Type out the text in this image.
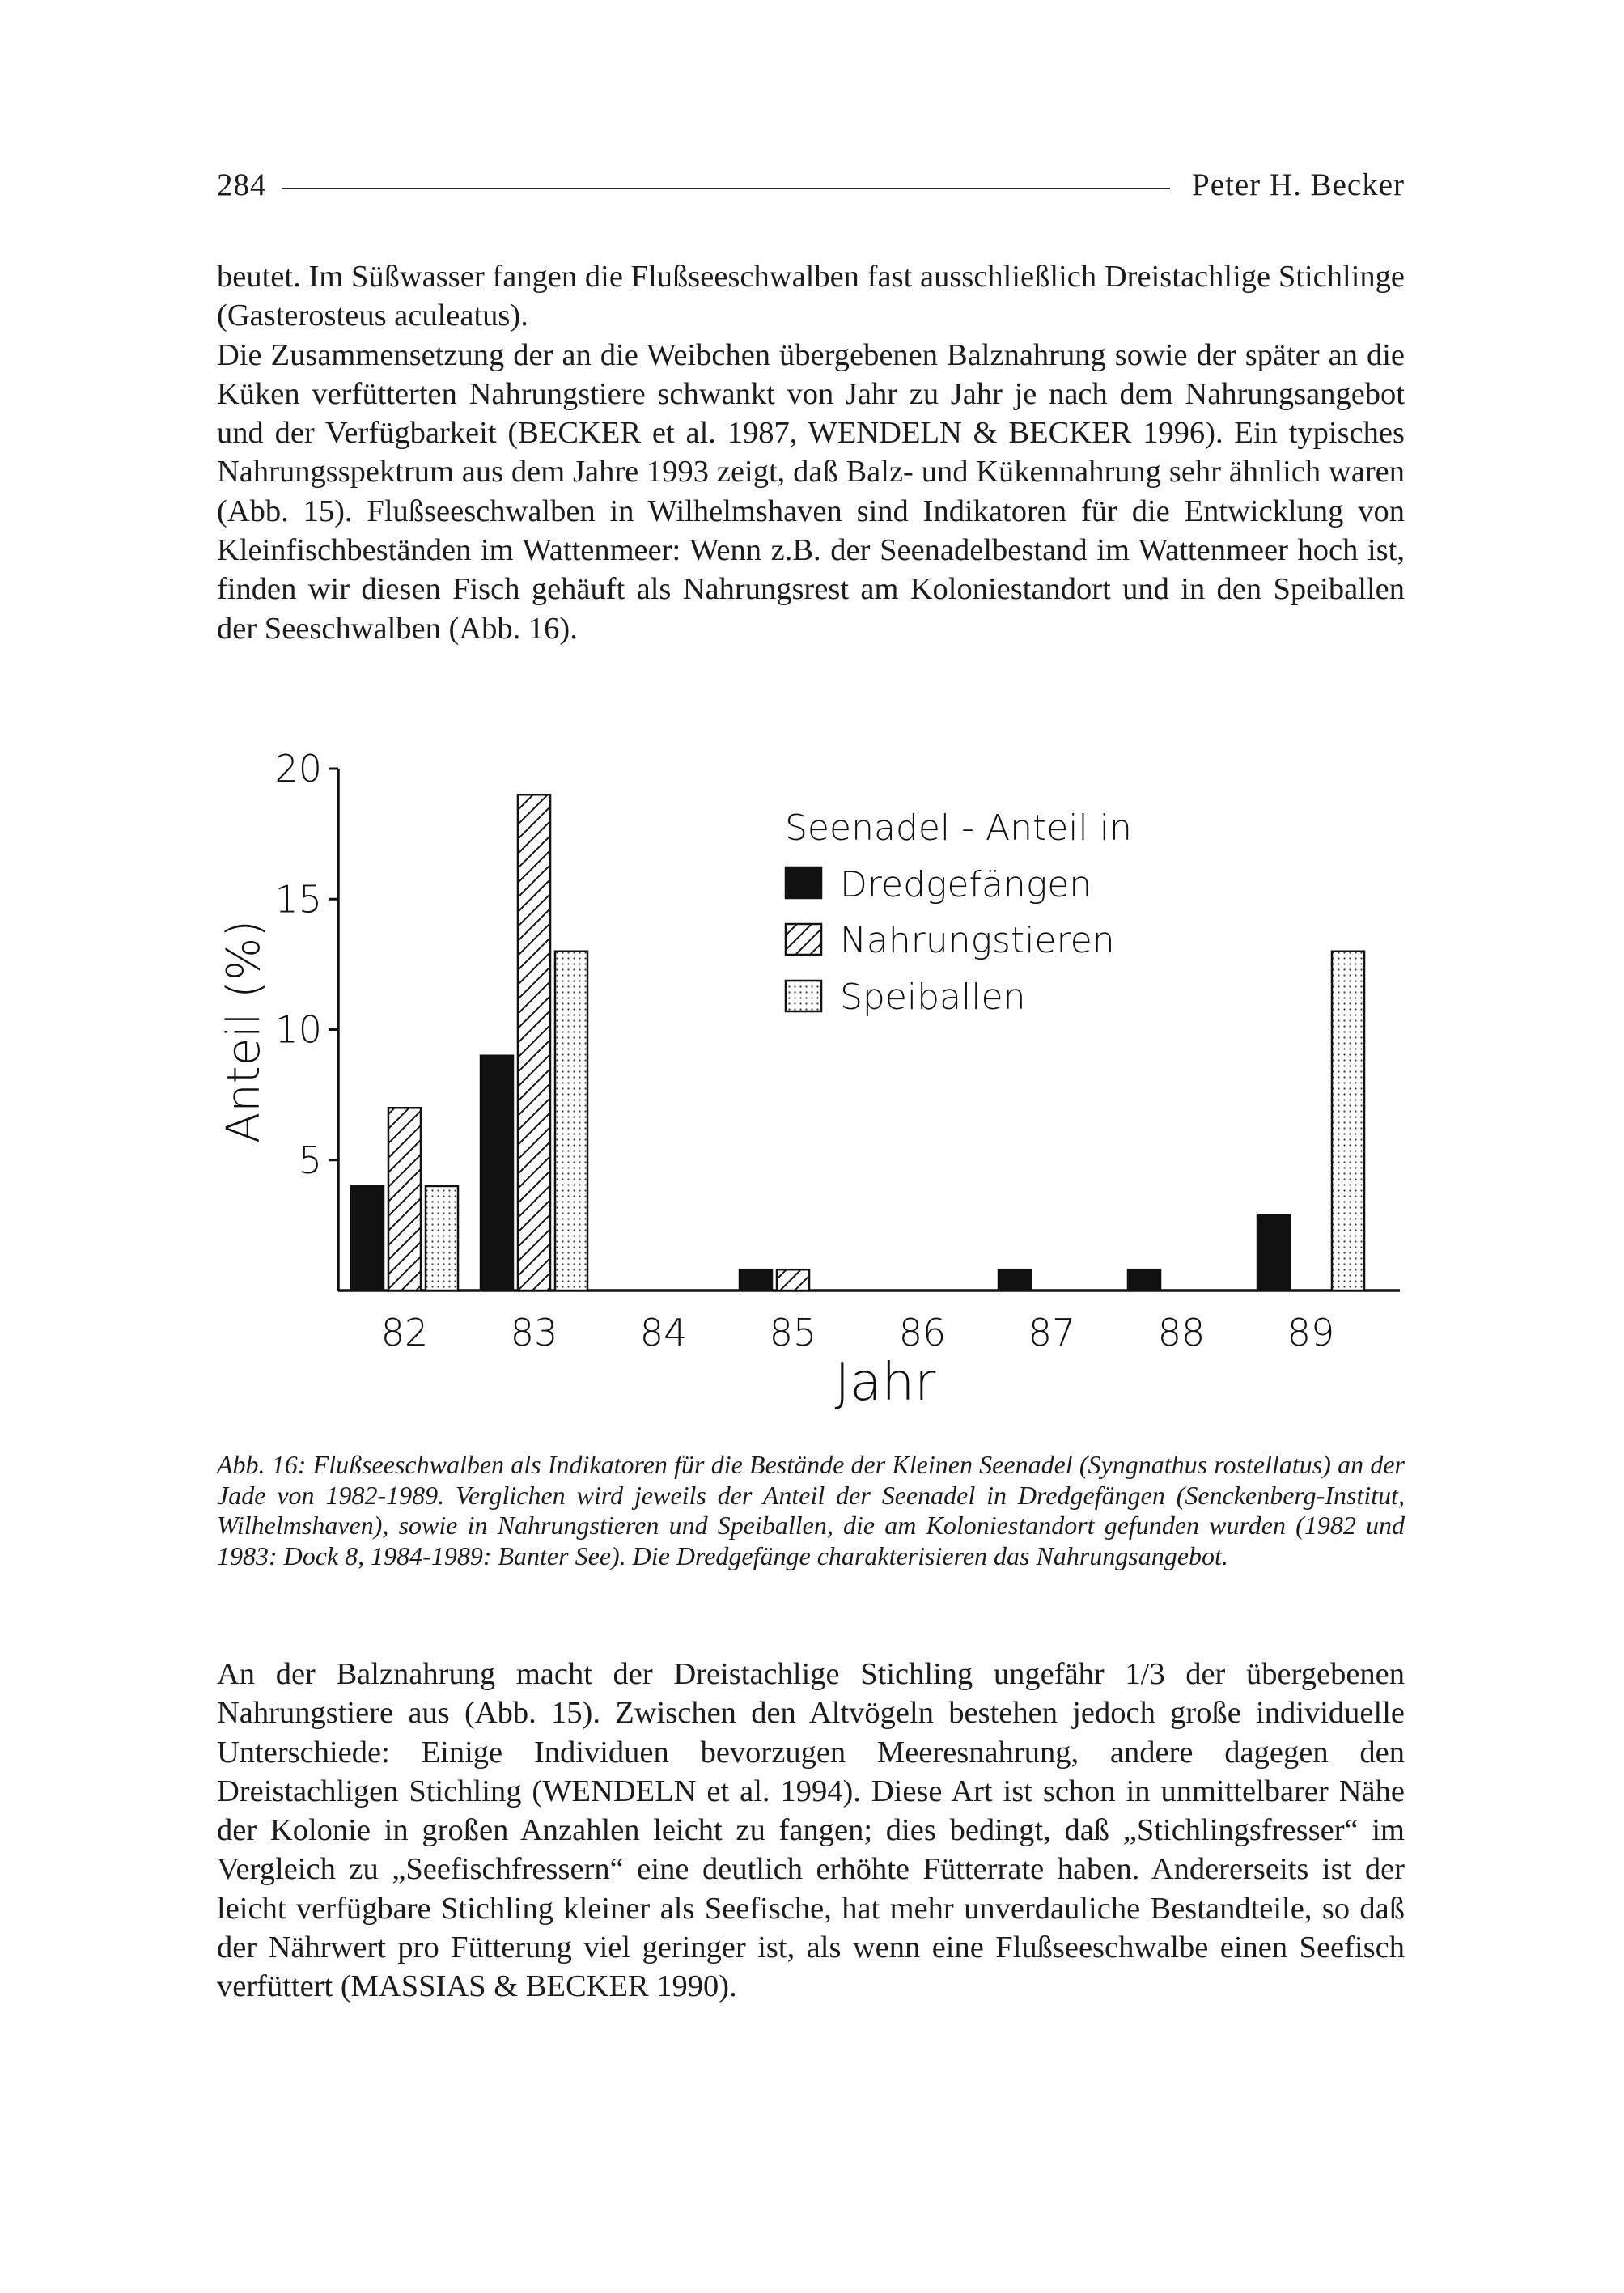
284	Peter H. Becker

beutet. Im Süßwasser fangen die Flußseeschwalben fast ausschließlich Dreistachlige Stichlinge (Gasterosteus aculeatus).

Die Zusammensetzung der an die Weibchen übergebenen Balznahrung sowie der später an die Küken verfütterten Nahrungstiere schwankt von Jahr zu Jahr je nach dem Nahrungsangebot und der Verfügbarkeit (BECKER et al. 1987, WENDELN & BECKER 1996). Ein typisches Nahrungsspektrum aus dem Jahre 1993 zeigt, daß Balz- und Kükennahrung sehr ähnlich waren (Abb. 15). Flußseeschwalben in Wilhelmshaven sind Indikatoren für die Entwicklung von Kleinfischbeständen im Wattenmeer: Wenn z.B. der Seenadelbestand im Wattenmeer hoch ist, finden wir diesen Fisch gehäuft als Nahrungsrest am Koloniestandort und in den Speiballen der Seeschwalben (Abb. 16).

Anteil (%)
Jahr
5
10
15
20
82 83 84 85 86 87 88 89
Seenadel - Anteil in
Dredgefängen
Nahrungstieren
Speiballen

Abb. 16: Flußseeschwalben als Indikatoren für die Bestände der Kleinen Seenadel (Syngnathus rostellatus) an der Jade von 1982-1989. Verglichen wird jeweils der Anteil der Seenadel in Dredgefängen (Senckenberg-Institut, Wilhelmshaven), sowie in Nahrungstieren und Speiballen, die am Koloniestandort gefunden wurden (1982 und 1983: Dock 8, 1984-1989: Banter See). Die Dredgefänge charakterisieren das Nahrungsangebot.

An der Balznahrung macht der Dreistachlige Stichling ungefähr 1/3 der übergebenen Nahrungstiere aus (Abb. 15). Zwischen den Altvögeln bestehen jedoch große individuelle Unterschiede: Einige Individuen bevorzugen Meeresnahrung, andere dagegen den Dreistachligen Stichling (WENDELN et al. 1994). Diese Art ist schon in unmittelbarer Nähe der Kolonie in großen Anzahlen leicht zu fangen; dies bedingt, daß „Stichlingsfresser“ im Vergleich zu „Seefischfressern“ eine deutlich erhöhte Fütterrate haben. Andererseits ist der leicht verfügbare Stichling kleiner als Seefische, hat mehr unverdauliche Bestandteile, so daß der Nährwert pro Fütterung viel geringer ist, als wenn eine Flußseeschwalbe einen Seefisch verfüttert (MASSIAS & BECKER 1990).
